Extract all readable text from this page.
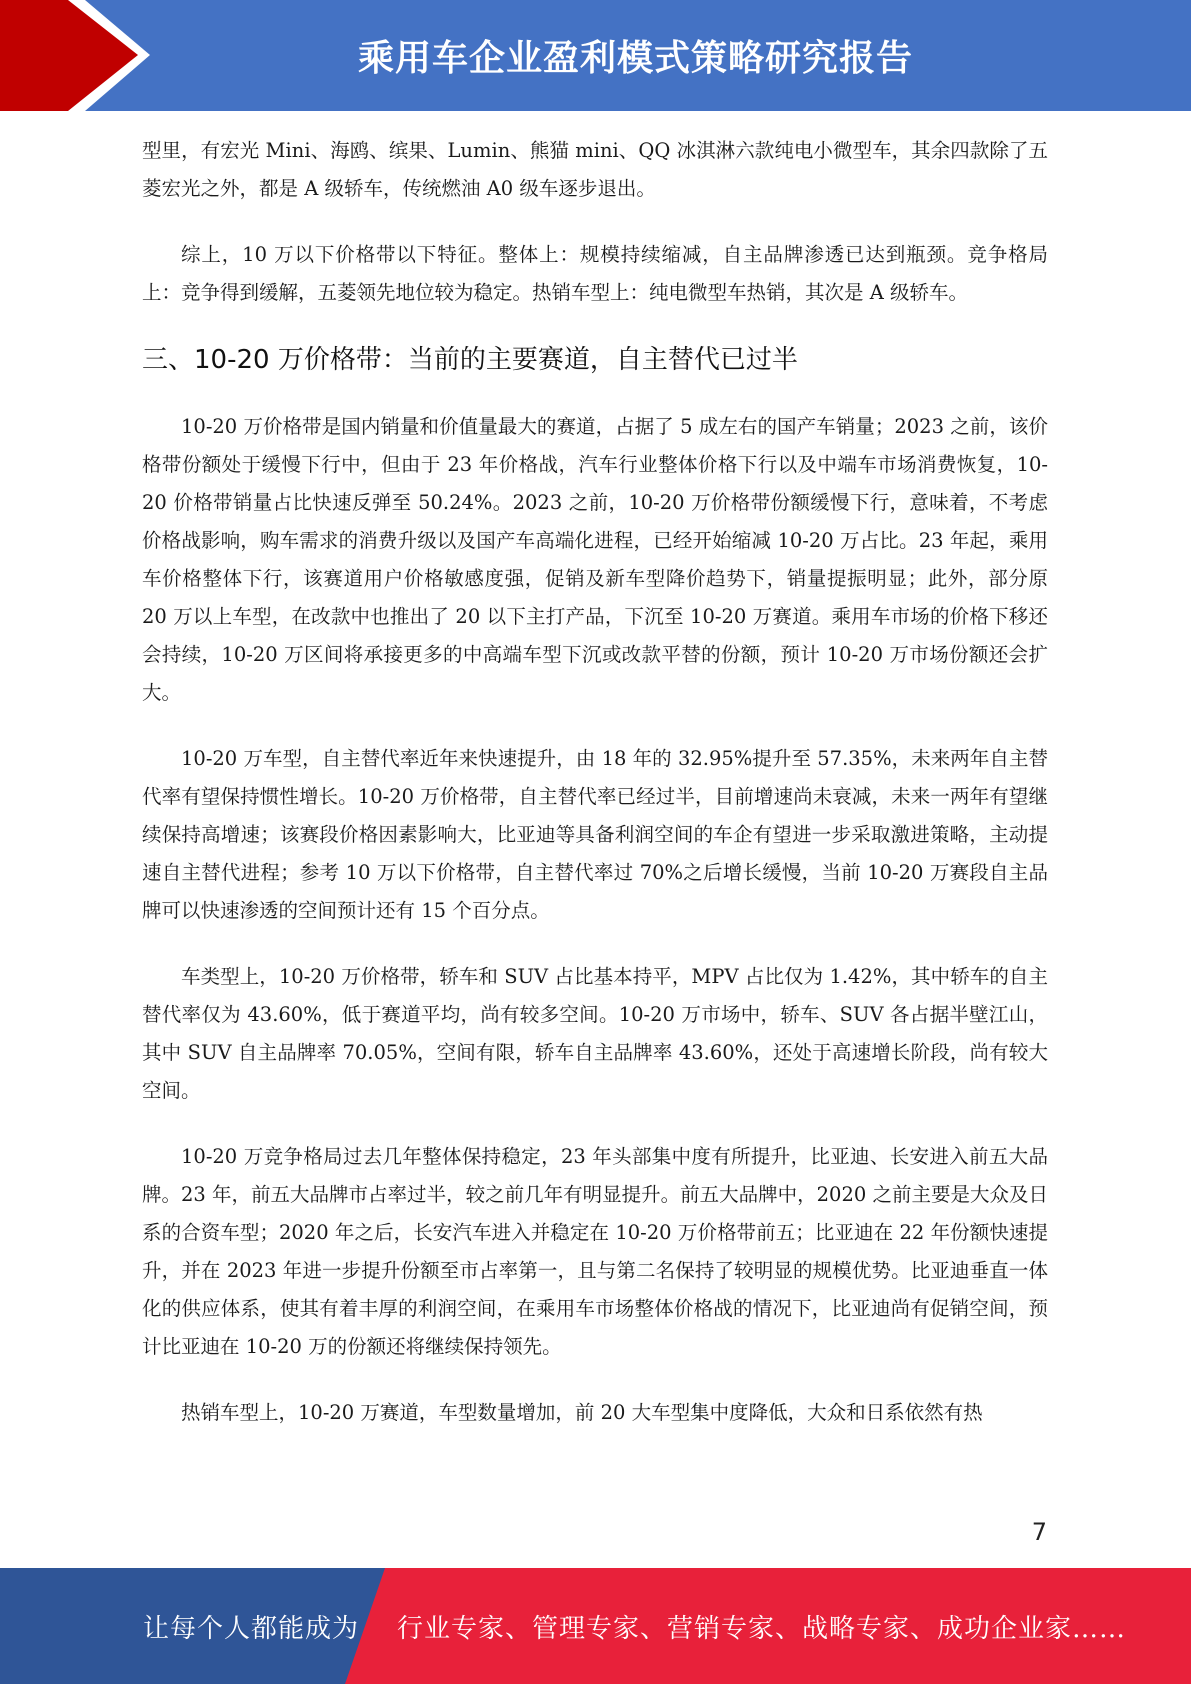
乘用车企业盈利模式策略研究报告

型里，有宏光 Mini、海鸥、缤果、Lumin、熊猫 mini、QQ 冰淇淋六款纯电小微型车，其余四款除了五菱宏光之外，都是 A 级轿车，传统燃油 A0 级车逐步退出。

综上，10 万以下价格带以下特征。整体上：规模持续缩减，自主品牌渗透已达到瓶颈。竞争格局上：竞争得到缓解，五菱领先地位较为稳定。热销车型上：纯电微型车热销，其次是 A 级轿车。

三、10-20 万价格带：当前的主要赛道，自主替代已过半

10-20 万价格带是国内销量和价值量最大的赛道，占据了 5 成左右的国产车销量；2023 之前，该价格带份额处于缓慢下行中，但由于 23 年价格战，汽车行业整体价格下行以及中端车市场消费恢复，10-20 价格带销量占比快速反弹至 50.24%。2023 之前，10-20 万价格带份额缓慢下行，意味着，不考虑价格战影响，购车需求的消费升级以及国产车高端化进程，已经开始缩减 10-20 万占比。23 年起，乘用车价格整体下行，该赛道用户价格敏感度强，促销及新车型降价趋势下，销量提振明显；此外，部分原 20 万以上车型，在改款中也推出了 20 以下主打产品，下沉至 10-20 万赛道。乘用车市场的价格下移还会持续，10-20 万区间将承接更多的中高端车型下沉或改款平替的份额，预计 10-20 万市场份额还会扩大。

10-20 万车型，自主替代率近年来快速提升，由 18 年的 32.95%提升至 57.35%，未来两年自主替代率有望保持惯性增长。10-20 万价格带，自主替代率已经过半，目前增速尚未衰减，未来一两年有望继续保持高增速；该赛段价格因素影响大，比亚迪等具备利润空间的车企有望进一步采取激进策略，主动提速自主替代进程；参考 10 万以下价格带，自主替代率过 70%之后增长缓慢，当前 10-20 万赛段自主品牌可以快速渗透的空间预计还有 15 个百分点。

车类型上，10-20 万价格带，轿车和 SUV 占比基本持平，MPV 占比仅为 1.42%，其中轿车的自主替代率仅为 43.60%，低于赛道平均，尚有较多空间。10-20 万市场中，轿车、SUV 各占据半壁江山，其中 SUV 自主品牌率 70.05%，空间有限，轿车自主品牌率 43.60%，还处于高速增长阶段，尚有较大空间。

10-20 万竞争格局过去几年整体保持稳定，23 年头部集中度有所提升，比亚迪、长安进入前五大品牌。23 年，前五大品牌市占率过半，较之前几年有明显提升。前五大品牌中，2020 之前主要是大众及日系的合资车型；2020 年之后，长安汽车进入并稳定在 10-20 万价格带前五；比亚迪在 22 年份额快速提升，并在 2023 年进一步提升份额至市占率第一，且与第二名保持了较明显的规模优势。比亚迪垂直一体化的供应体系，使其有着丰厚的利润空间，在乘用车市场整体价格战的情况下，比亚迪尚有促销空间，预计比亚迪在 10-20 万的份额还将继续保持领先。

热销车型上，10-20 万赛道，车型数量增加，前 20 大车型集中度降低，大众和日系依然有热

7
让每个人都能成为 行业专家、管理专家、营销专家、战略专家、成功企业家……
